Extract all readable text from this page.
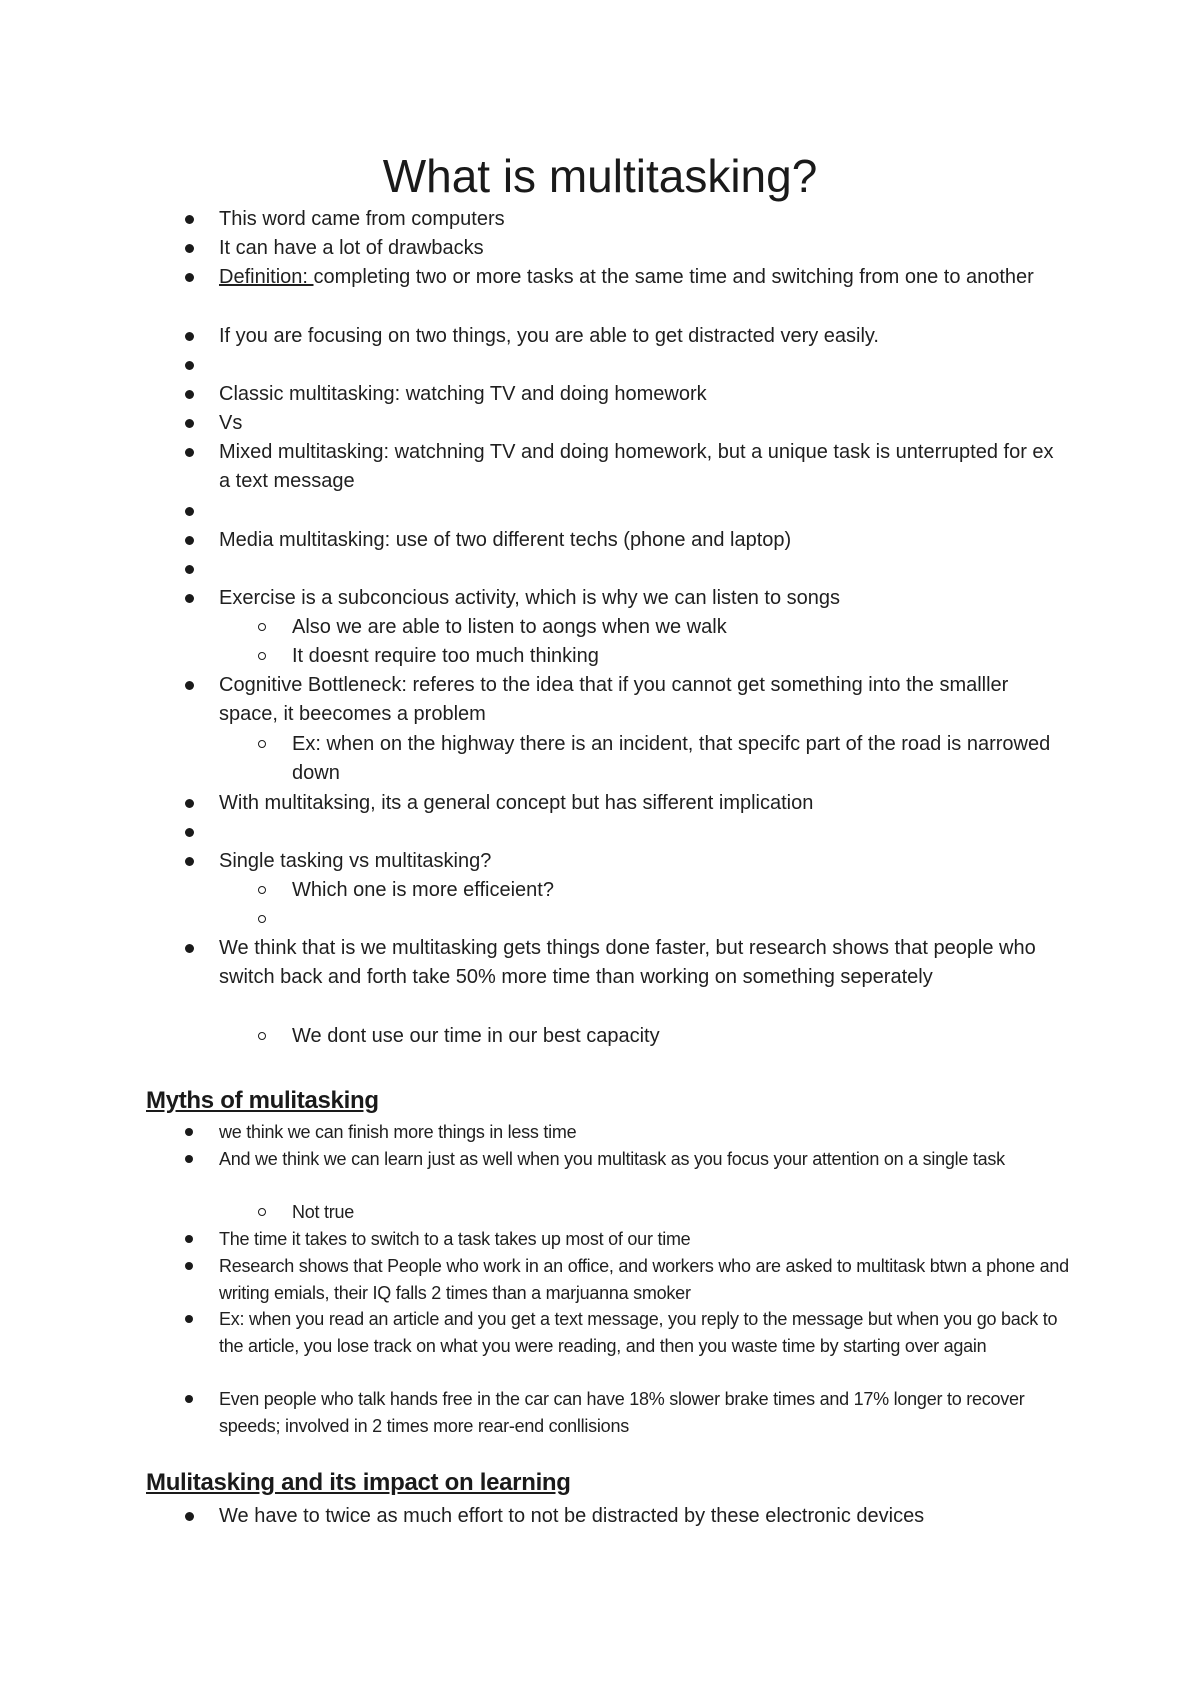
What is multitasking?
This word came from computers
It can have a lot of drawbacks
Definition: completing two or more tasks at the same time and switching from one to another
If you are focusing on two things, you are able to get distracted very easily.
Classic multitasking: watching TV and doing homework
Vs
Mixed multitasking: watchning TV and doing homework, but a unique task is unterrupted for ex a text message
Media multitasking: use of two different techs (phone and laptop)
Exercise is a subconcious activity, which is why we can listen to songs
Also we are able to listen to aongs when we walk
It doesnt require too much thinking
Cognitive Bottleneck: referes to the idea that if you cannot get something into the smalller space, it beecomes a problem
Ex: when on the highway there is an incident, that specifc part of the road is narrowed down
With multitaksing, its a general concept but has sifferent implication
Single tasking vs multitasking?
Which one is more efficeient?
We think that is we multitasking gets things done faster, but research shows that people who switch back and forth take 50% more time than working on something seperately
We dont use our time in our best capacity
Myths of mulitasking
we think we can finish more things in less time
And we think we can learn just as well when you multitask as you focus your attention on a single task
Not true
The time it takes to switch to a task takes up most of our time
Research shows that People who work in an office, and workers who are asked to multitask btwn a phone and writing emials, their IQ falls 2 times than a marjuanna smoker
Ex: when you read an article and you get a text message, you reply to the message but when you go back to the article, you lose track on what you were reading, and then you waste time by starting over again
Even people who talk hands free in the car can have 18% slower brake times and 17% longer to recover speeds; involved in 2 times more rear-end conllisions
Mulitasking and its impact on learning
We have to twice as much effort to not be distracted by these electronic devices
